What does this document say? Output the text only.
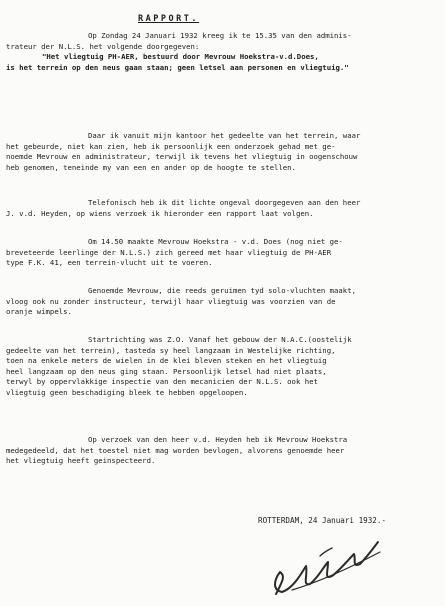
RAPPORT.
Op Zondag 24 Januari 1932 kreeg ik te 15.35 van den adminis-
trateur der N.L.S. het volgende doorgegeven:
"Het vliegtuig PH-AER, bestuurd door Mevrouw Hoekstra-v.d.Does,
is het terrein op den neus gaan staan; geen letsel aan personen en vliegtuig."
Daar ik vanuit mijn kantoor het gedeelte van het terrein, waar
het gebeurde, niet kan zien, heb ik persoonlijk een onderzoek gehad met ge-
noemde Mevrouw en administrateur, terwijl ik tevens het vliegtuig in oogenschouw
heb genomen, teneinde my van een en ander op de hoogte te stellen.
Telefonisch heb ik dit lichte ongeval doorgegeven aan den heer
J. v.d. Heyden, op wiens verzoek ik hieronder een rapport laat volgen.
Om 14.50 maakte Mevrouw Hoekstra - v.d. Does (nog niet ge-
breveteerde leerlinge der N.L.S.) zich gereed met haar vliegtuig de PH-AER
type F.K. 41, een terrein-vlucht uit te voeren.
Genoemde Mevrouw, die reeds geruimen tyd solo-vluchten maakt,
vloog ook nu zonder instructeur, terwijl haar vliegtuig was voorzien van de
oranje wimpels.
Startrichting was Z.O. Vanaf het gebouw der N.A.C.(oostelijk
gedeelte van het terrein), tasteda sy heel langzaam in Westelijke richting,
toen na enkele meters de wielen in de klei bleven steken en het vliegtuig
heel langzaam op den neus ging staan. Persoonlijk letsel had niet plaats,
terwyl by oppervlakkige inspectie van den mecanicien der N.L.S. ook het
vliegtuig geen beschadiging bleek te hebben opgeloopen.
Op verzoek van den heer v.d. Heyden heb ik Mevrouw Hoekstra
medegedeeld, dat het toestel niet mag worden bevlogen, alvorens genoemde heer
het vliegtuig heeft geinspecteerd.
ROTTERDAM, 24 Januari 1932.-
